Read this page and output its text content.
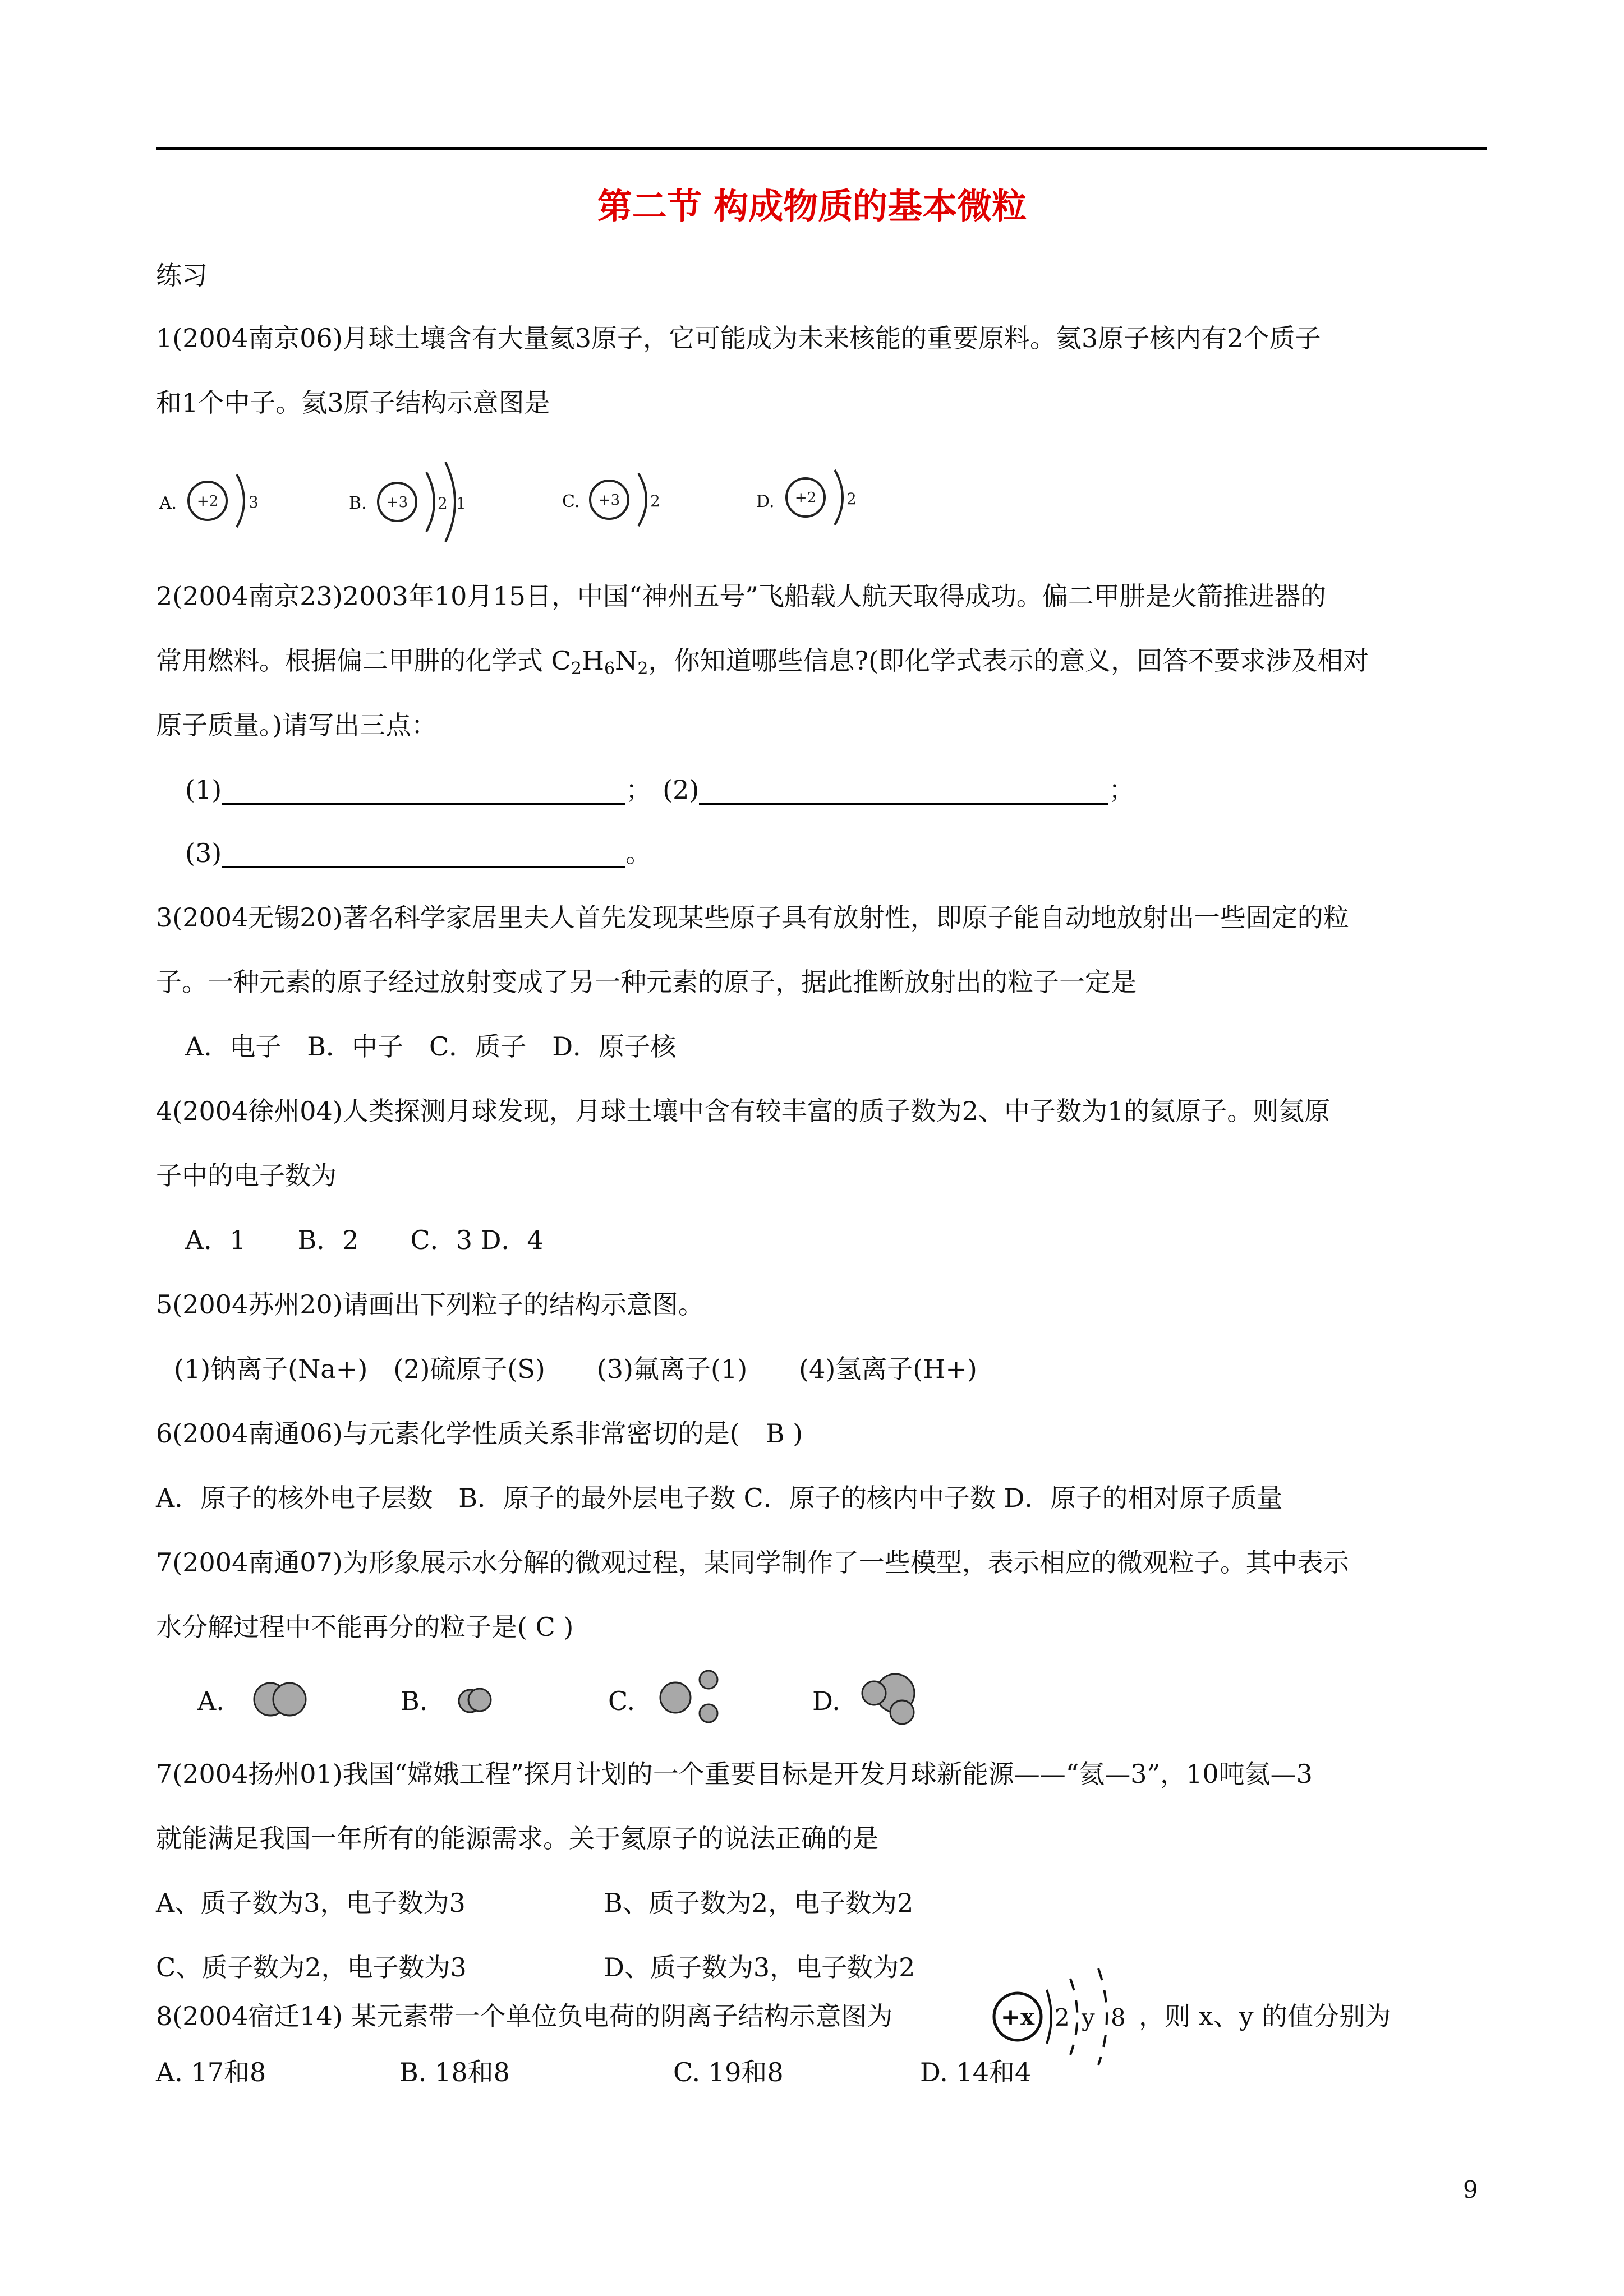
第二节 构成物质的基本微粒
练习
1(2004南京06)月球土壤含有大量氦3原子，它可能成为未来核能的重要原料。氦3原子核内有2个质子
和1个中子。氦3原子结构示意图是
A. +2 3	B. +3 2 1	C. +3 2	D. +2 2
2(2004南京23)2003年10月15日，中国“神州五号”飞船载人航天取得成功。偏二甲肼是火箭推进器的
常用燃料。根据偏二甲肼的化学式 $C_2H_6N_2$，你知道哪些信息?(即化学式表示的意义，回答不要求涉及相对
原子质量。)请写出三点：
(1)	； (2)	；
(3)	。
3(2004无锡20)著名科学家居里夫人首先发现某些原子具有放射性，即原子能自动地放射出一些固定的粒
子。一种元素的原子经过放射变成了另一种元素的原子，据此推断放射出的粒子一定是
A．电子　B．中子　C．质子　D．原子核
4(2004徐州04)人类探测月球发现，月球土壤中含有较丰富的质子数为2、中子数为1的氦原子。则氦原
子中的电子数为
A．1　　B．2　　C．3 D．4
5(2004苏州20)请画出下列粒子的结构示意图。
(1)钠离子(Na+)　(2)硫原子(S)　　(3)氟离子(1)　　(4)氢离子(H+)
6(2004南通06)与元素化学性质关系非常密切的是(　B )
A．原子的核外电子层数　B．原子的最外层电子数 C．原子的核内中子数 D．原子的相对原子质量
7(2004南通07)为形象展示水分解的微观过程，某同学制作了一些模型，表示相应的微观粒子。其中表示
水分解过程中不能再分的粒子是( C )
A.	B.	C.	D.
7(2004扬州01)我国“嫦娥工程”探月计划的一个重要目标是开发月球新能源——“氦—3”，10吨氦—3
就能满足我国一年所有的能源需求。关于氦原子的说法正确的是
A、质子数为3，电子数为3	B、质子数为2，电子数为2
C、质子数为2，电子数为3	D、质子数为3，电子数为2
8(2004宿迁14) 某元素带一个单位负电荷的阴离子结构示意图为	+x 2 y 8 ，则 x、y 的值分别为
A. 17和8	B. 18和8	C. 19和8	D. 14和4
9
